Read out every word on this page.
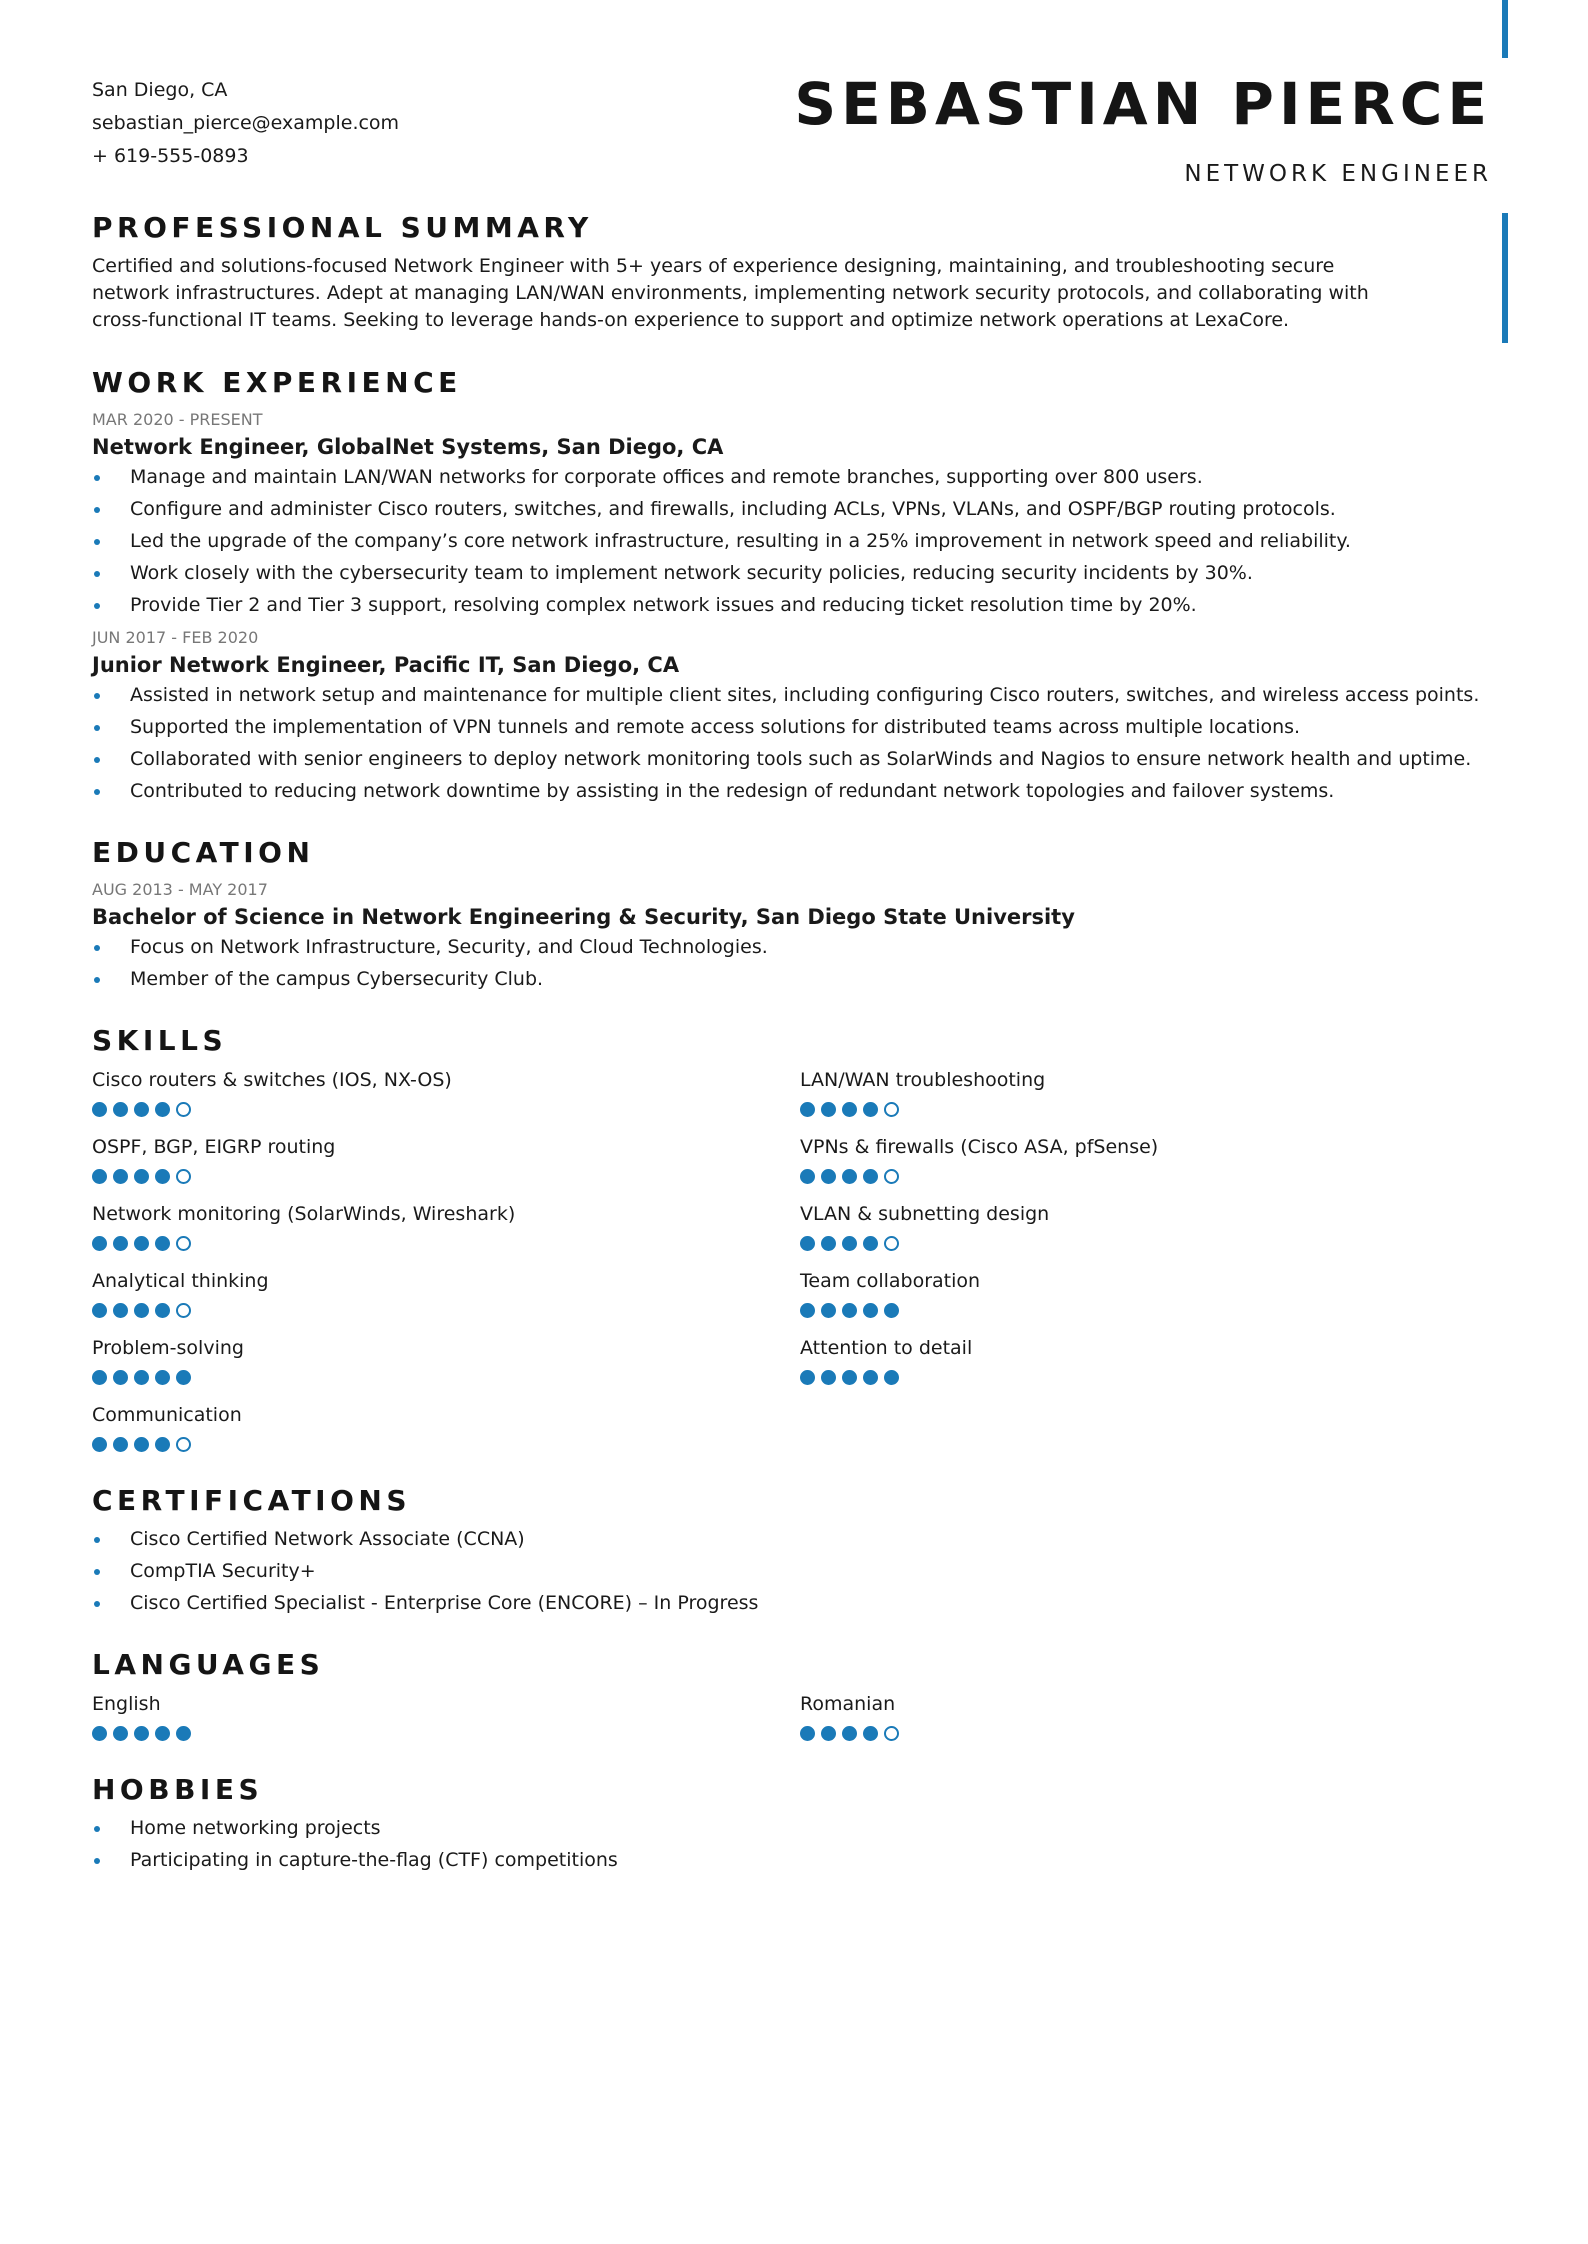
San Diego, CA
sebastian_pierce@example.com
+ 619-555-0893
SEBASTIAN PIERCE
NETWORK ENGINEER
PROFESSIONAL SUMMARY

Certified and solutions-focused Network Engineer with 5+ years of experience designing, maintaining, and troubleshooting secure network infrastructures. Adept at managing LAN/WAN environments, implementing network security protocols, and collaborating with cross-functional IT teams. Seeking to leverage hands-on experience to support and optimize network operations at LexaCore.

WORK EXPERIENCE
MAR 2020 - PRESENT
Network Engineer, GlobalNet Systems, San Diego, CA
Manage and maintain LAN/WAN networks for corporate offices and remote branches, supporting over 800 users.
Configure and administer Cisco routers, switches, and firewalls, including ACLs, VPNs, VLANs, and OSPF/BGP routing protocols.
Led the upgrade of the company’s core network infrastructure, resulting in a 25% improvement in network speed and reliability.
Work closely with the cybersecurity team to implement network security policies, reducing security incidents by 30%.
Provide Tier 2 and Tier 3 support, resolving complex network issues and reducing ticket resolution time by 20%.
JUN 2017 - FEB 2020
Junior Network Engineer, Pacific IT, San Diego, CA
Assisted in network setup and maintenance for multiple client sites, including configuring Cisco routers, switches, and wireless access points.
Supported the implementation of VPN tunnels and remote access solutions for distributed teams across multiple locations.
Collaborated with senior engineers to deploy network monitoring tools such as SolarWinds and Nagios to ensure network health and uptime.
Contributed to reducing network downtime by assisting in the redesign of redundant network topologies and failover systems.
EDUCATION
AUG 2013 - MAY 2017
Bachelor of Science in Network Engineering & Security, San Diego State University
Focus on Network Infrastructure, Security, and Cloud Technologies.
Member of the campus Cybersecurity Club.
SKILLS
Cisco routers & switches (IOS, NX-OS)	LAN/WAN troubleshooting
OSPF, BGP, EIGRP routing	VPNs & firewalls (Cisco ASA, pfSense)
Network monitoring (SolarWinds, Wireshark)	VLAN & subnetting design
Analytical thinking	Team collaboration
Problem-solving	Attention to detail
Communication
CERTIFICATIONS
Cisco Certified Network Associate (CCNA)
CompTIA Security+
Cisco Certified Specialist - Enterprise Core (ENCORE) – In Progress
LANGUAGES
English	Romanian
HOBBIES
Home networking projects
Participating in capture-the-flag (CTF) competitions
